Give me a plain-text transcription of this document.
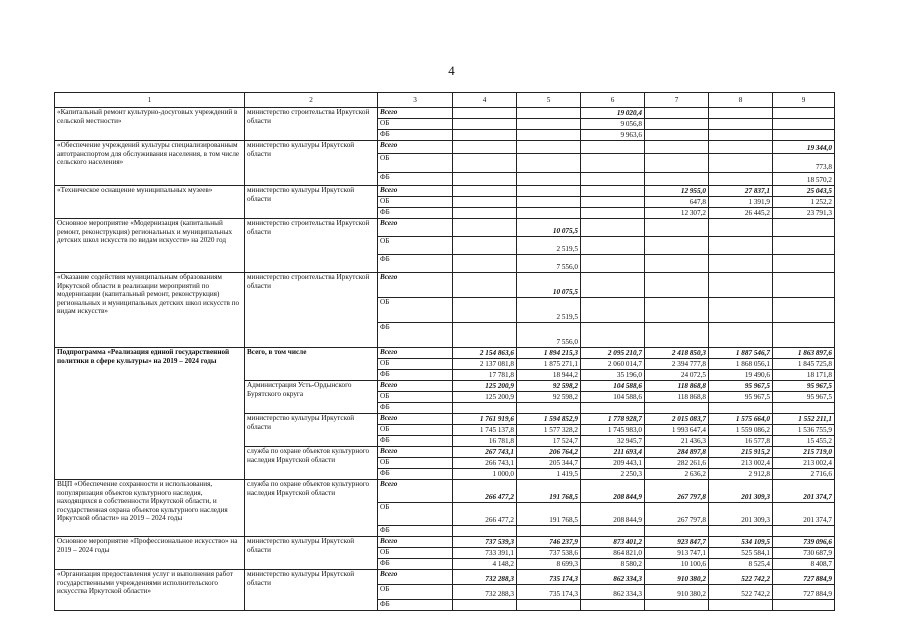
4
1	2	3	4	5	6	7	8	9
«Капитальный ремонт культурно-досуговых учреждений в сельской местности»	министерство строительства Иркутской области	Всего			19 020,4			
		ОБ			9 056,8			
		ФБ			9 963,6			
«Обеспечение учреждений культуры специализированным автотранспортом для обслуживания населения, в том числе сельского населения»	министерство культуры Иркутской области	Всего						19 344,0
		ОБ						773,8
		ФБ						18 570,2
«Техническое оснащение муниципальных музеев»	министерство культуры Иркутской области	Всего				12 955,0	27 837,1	25 043,5
		ОБ				647,8	1 391,9	1 252,2
		ФБ				12 307,2	26 445,2	23 791,3
Основное мероприятие «Модернизация (капитальный ремонт, реконструкция) региональных и муниципальных детских школ искусств по видам искусств» на 2020 год	министерство строительства Иркутской области	Всего		10 075,5				
		ОБ		2 519,5				
		ФБ		7 556,0				
«Оказание содействия муниципальным образованиям Иркутской области в реализации мероприятий по модернизации (капитальный ремонт, реконструкция) региональных и муниципальных детских школ искусств по видам искусств»	министерство строительства Иркутской области	Всего		10 075,5				
		ОБ		2 519,5				
		ФБ		7 556,0				
Подпрограмма «Реализация единой государственной политики в сфере культуры» на 2019 – 2024 годы	Всего, в том числе	Всего	2 154 863,6	1 894 215,3	2 095 210,7	2 418 850,3	1 887 546,7	1 863 897,6
		ОБ	2 137 081,8	1 875 271,1	2 060 014,7	2 394 777,8	1 868 056,1	1 845 725,8
		ФБ	17 781,8	18 944,2	35 196,0	24 072,5	19 490,6	18 171,8
	Администрация Усть-Ордынского Бурятского округа	Всего	125 200,9	92 598,2	104 588,6	118 868,8	95 967,5	95 967,5
		ОБ	125 200,9	92 598,2	104 588,6	118 868,8	95 967,5	95 967,5
		ФБ						
	министерство культуры Иркутской области	Всего	1 761 919,6	1 594 852,9	1 778 928,7	2 015 083,7	1 575 664,0	1 552 211,1
		ОБ	1 745 137,8	1 577 328,2	1 745 983,0	1 993 647,4	1 559 086,2	1 536 755,9
		ФБ	16 781,8	17 524,7	32 945,7	21 436,3	16 577,8	15 455,2
	служба по охране объектов культурного наследия Иркутской области	Всего	267 743,1	206 764,2	211 693,4	284 897,8	215 915,2	215 719,0
		ОБ	266 743,1	205 344,7	209 443,1	282 261,6	213 002,4	213 002,4
		ФБ	1 000,0	1 419,5	2 250,3	2 636,2	2 912,8	2 716,6
ВЦП «Обеспечение сохранности и использования, популяризация объектов культурного наследия, находящихся в собственности Иркутской области, и государственная охрана объектов культурного наследия Иркутской области» на 2019 – 2024 годы	служба по охране объектов культурного наследия Иркутской области	Всего	266 477,2	191 768,5	208 844,9	267 797,8	201 309,3	201 374,7
		ОБ	266 477,2	191 768,5	208 844,9	267 797,8	201 309,3	201 374,7
		ФБ						
Основное мероприятие «Профессиональное искусство» на 2019 – 2024 годы	министерство культуры Иркутской области	Всего	737 539,3	746 237,9	873 401,2	923 847,7	534 109,5	739 096,6
		ОБ	733 391,1	737 538,6	864 821,0	913 747,1	525 584,1	730 687,9
		ФБ	4 148,2	8 699,3	8 580,2	10 100,6	8 525,4	8 408,7
«Организация предоставления услуг и выполнения работ государственными учреждениями исполнительского искусства Иркутской области»	министерство культуры Иркутской области	Всего	732 288,3	735 174,3	862 334,3	910 380,2	522 742,2	727 884,9
		ОБ	732 288,3	735 174,3	862 334,3	910 380,2	522 742,2	727 884,9
		ФБ						
